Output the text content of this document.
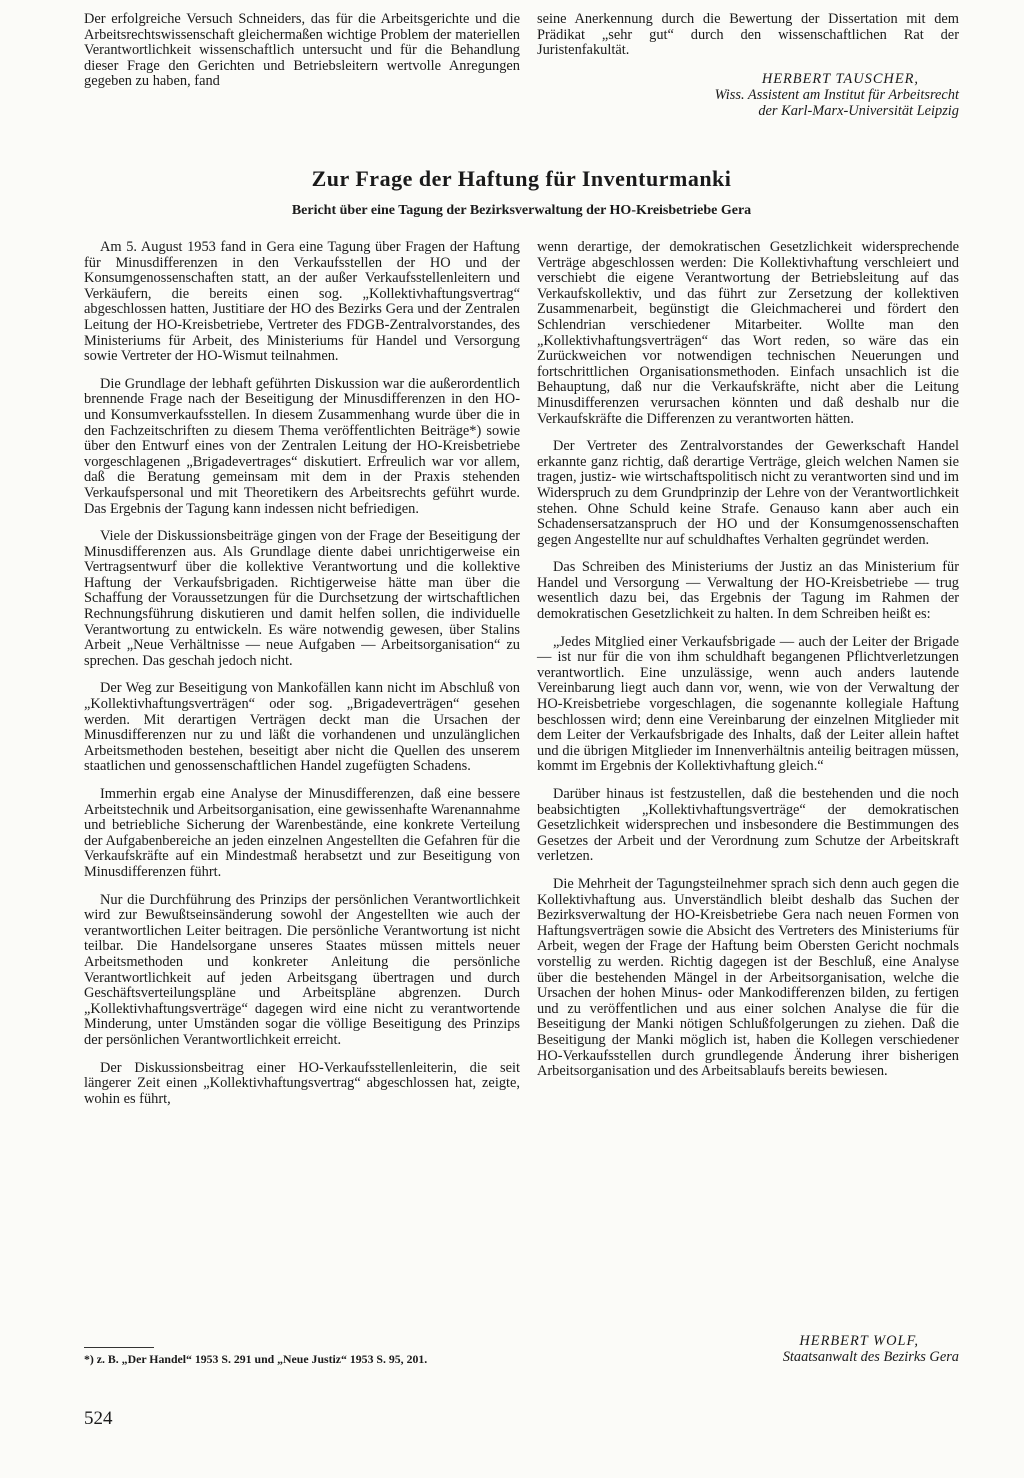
Der erfolgreiche Versuch Schneiders, das für die Arbeitsgerichte und die Arbeitsrechtswissenschaft gleichermaßen wichtige Problem der materiellen Verantwortlichkeit wissenschaftlich untersucht und für die Behandlung dieser Frage den Gerichten und Betriebsleitern wertvolle Anregungen gegeben zu haben, fand

seine Anerkennung durch die Bewertung der Dissertation mit dem Prädikat „sehr gut“ durch den wissenschaftlichen Rat der Juristenfakultät.

HERBERT TAUSCHER,
Wiss. Assistent am Institut für Arbeitsrecht
der Karl-Marx-Universität Leipzig
Zur Frage der Haftung für Inventurmanki
Bericht über eine Tagung der Bezirksverwaltung der HO-Kreisbetriebe Gera

Am 5. August 1953 fand in Gera eine Tagung über Fragen der Haftung für Minusdifferenzen in den Verkaufsstellen der HO und der Konsumgenossenschaften statt, an der außer Verkaufsstellenleitern und Verkäufern, die bereits einen sog. „Kollektivhaftungsvertrag“ abgeschlossen hatten, Justitiare der HO des Bezirks Gera und der Zentralen Leitung der HO-Kreisbetriebe, Vertreter des FDGB-Zentralvorstandes, des Ministeriums für Arbeit, des Ministeriums für Handel und Versorgung sowie Vertreter der HO-Wismut teilnahmen.

Die Grundlage der lebhaft geführten Diskussion war die außerordentlich brennende Frage nach der Beseitigung der Minusdifferenzen in den HO- und Konsumverkaufsstellen. In diesem Zusammenhang wurde über die in den Fachzeitschriften zu diesem Thema veröffentlichten Beiträge*) sowie über den Entwurf eines von der Zentralen Leitung der HO-Kreisbetriebe vorgeschlagenen „Brigadevertrages“ diskutiert. Erfreulich war vor allem, daß die Beratung gemeinsam mit dem in der Praxis stehenden Verkaufspersonal und mit Theoretikern des Arbeitsrechts geführt wurde. Das Ergebnis der Tagung kann indessen nicht befriedigen.

Viele der Diskussionsbeiträge gingen von der Frage der Beseitigung der Minusdifferenzen aus. Als Grundlage diente dabei unrichtigerweise ein Vertragsentwurf über die kollektive Verantwortung und die kollektive Haftung der Verkaufsbrigaden. Richtigerweise hätte man über die Schaffung der Voraussetzungen für die Durchsetzung der wirtschaftlichen Rechnungsführung diskutieren und damit helfen sollen, die individuelle Verantwortung zu entwickeln. Es wäre notwendig gewesen, über Stalins Arbeit „Neue Verhältnisse — neue Aufgaben — Arbeitsorganisation“ zu sprechen. Das geschah jedoch nicht.

Der Weg zur Beseitigung von Mankofällen kann nicht im Abschluß von „Kollektivhaftungsverträgen“ oder sog. „Brigadeverträgen“ gesehen werden. Mit derartigen Verträgen deckt man die Ursachen der Minusdifferenzen nur zu und läßt die vorhandenen und unzulänglichen Arbeitsmethoden bestehen, beseitigt aber nicht die Quellen des unserem staatlichen und genossenschaftlichen Handel zugefügten Schadens.

Immerhin ergab eine Analyse der Minusdifferenzen, daß eine bessere Arbeitstechnik und Arbeitsorganisation, eine gewissenhafte Warenannahme und betriebliche Sicherung der Warenbestände, eine konkrete Verteilung der Aufgabenbereiche an jeden einzelnen Angestellten die Gefahren für die Verkaufskräfte auf ein Mindestmaß herabsetzt und zur Beseitigung von Minusdifferenzen führt.

Nur die Durchführung des Prinzips der persönlichen Verantwortlichkeit wird zur Bewußtseinsänderung sowohl der Angestellten wie auch der verantwortlichen Leiter beitragen. Die persönliche Verantwortung ist nicht teilbar. Die Handelsorgane unseres Staates müssen mittels neuer Arbeitsmethoden und konkreter Anleitung die persönliche Verantwortlichkeit auf jeden Arbeitsgang übertragen und durch Geschäftsverteilungspläne und Arbeitspläne abgrenzen. Durch „Kollektivhaftungsverträge“ dagegen wird eine nicht zu verantwortende Minderung, unter Umständen sogar die völlige Beseitigung des Prinzips der persönlichen Verantwortlichkeit erreicht.

Der Diskussionsbeitrag einer HO-Verkaufsstellenleiterin, die seit längerer Zeit einen „Kollektivhaftungsvertrag“ abgeschlossen hat, zeigte, wohin es führt,

wenn derartige, der demokratischen Gesetzlichkeit widersprechende Verträge abgeschlossen werden: Die Kollektivhaftung verschleiert und verschiebt die eigene Verantwortung der Betriebsleitung auf das Verkaufskollektiv, und das führt zur Zersetzung der kollektiven Zusammenarbeit, begünstigt die Gleichmacherei und fördert den Schlendrian verschiedener Mitarbeiter. Wollte man den „Kollektivhaftungsverträgen“ das Wort reden, so wäre das ein Zurückweichen vor notwendigen technischen Neuerungen und fortschrittlichen Organisationsmethoden. Einfach unsachlich ist die Behauptung, daß nur die Verkaufskräfte, nicht aber die Leitung Minusdifferenzen verursachen könnten und daß deshalb nur die Verkaufskräfte die Differenzen zu verantworten hätten.

Der Vertreter des Zentralvorstandes der Gewerkschaft Handel erkannte ganz richtig, daß derartige Verträge, gleich welchen Namen sie tragen, justiz- wie wirtschaftspolitisch nicht zu verantworten sind und im Widerspruch zu dem Grundprinzip der Lehre von der Verantwortlichkeit stehen. Ohne Schuld keine Strafe. Genauso kann aber auch ein Schadensersatzanspruch der HO und der Konsumgenossenschaften gegen Angestellte nur auf schuldhaftes Verhalten gegründet werden.

Das Schreiben des Ministeriums der Justiz an das Ministerium für Handel und Versorgung — Verwaltung der HO-Kreisbetriebe — trug wesentlich dazu bei, das Ergebnis der Tagung im Rahmen der demokratischen Gesetzlichkeit zu halten. In dem Schreiben heißt es:

„Jedes Mitglied einer Verkaufsbrigade — auch der Leiter der Brigade — ist nur für die von ihm schuldhaft begangenen Pflichtverletzungen verantwortlich. Eine unzulässige, wenn auch anders lautende Vereinbarung liegt auch dann vor, wenn, wie von der Verwaltung der HO-Kreisbetriebe vorgeschlagen, die sogenannte kollegiale Haftung beschlossen wird; denn eine Vereinbarung der einzelnen Mitglieder mit dem Leiter der Verkaufsbrigade des Inhalts, daß der Leiter allein haftet und die übrigen Mitglieder im Innenverhältnis anteilig beitragen müssen, kommt im Ergebnis der Kollektivhaftung gleich.“

Darüber hinaus ist festzustellen, daß die bestehenden und die noch beabsichtigten „Kollektivhaftungsverträge“ der demokratischen Gesetzlichkeit widersprechen und insbesondere die Bestimmungen des Gesetzes der Arbeit und der Verordnung zum Schutze der Arbeitskraft verletzen.

Die Mehrheit der Tagungsteilnehmer sprach sich denn auch gegen die Kollektivhaftung aus. Unverständlich bleibt deshalb das Suchen der Bezirksverwaltung der HO-Kreisbetriebe Gera nach neuen Formen von Haftungsverträgen sowie die Absicht des Vertreters des Ministeriums für Arbeit, wegen der Frage der Haftung beim Obersten Gericht nochmals vorstellig zu werden. Richtig dagegen ist der Beschluß, eine Analyse über die bestehenden Mängel in der Arbeitsorganisation, welche die Ursachen der hohen Minus- oder Mankodifferenzen bilden, zu fertigen und zu veröffentlichen und aus einer solchen Analyse die für die Beseitigung der Manki nötigen Schlußfolgerungen zu ziehen. Daß die Beseitigung der Manki möglich ist, haben die Kollegen verschiedener HO-Verkaufsstellen durch grundlegende Änderung ihrer bisherigen Arbeitsorganisation und des Arbeitsablaufs bereits bewiesen.

HERBERT WOLF,
Staatsanwalt des Bezirks Gera
*) z. B. „Der Handel“ 1953 S. 291 und „Neue Justiz“ 1953 S. 95, 201.
524
